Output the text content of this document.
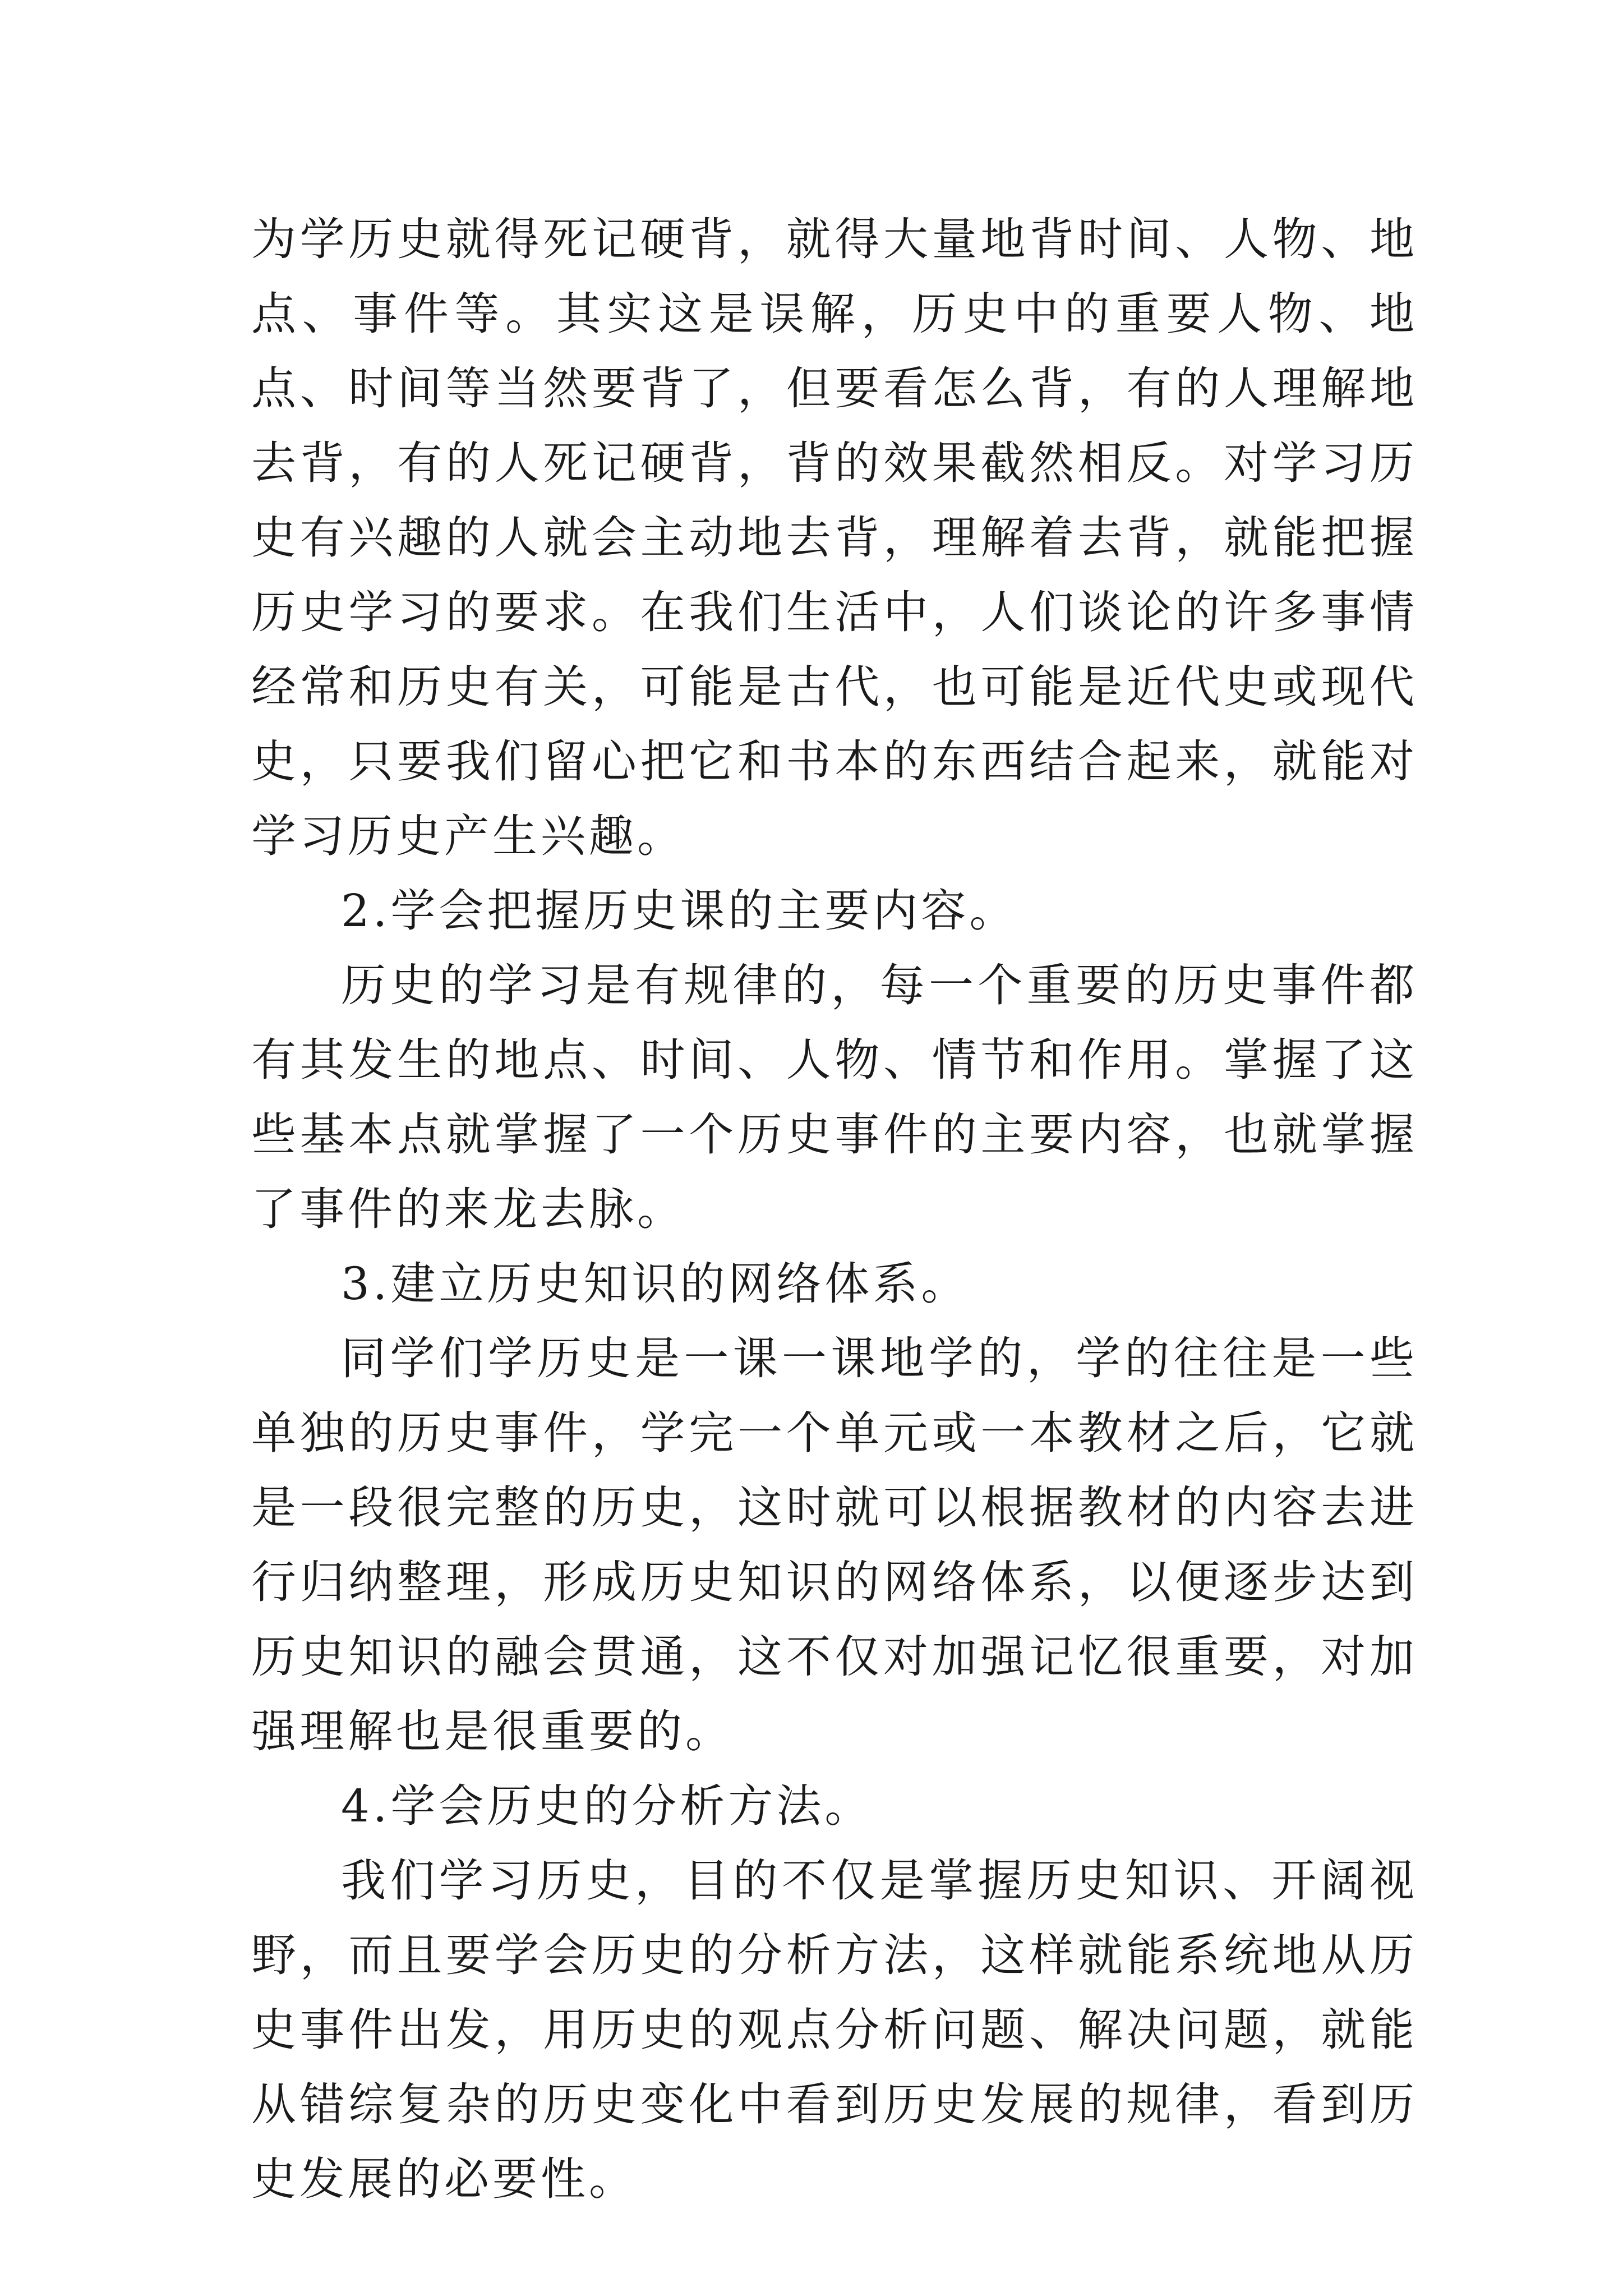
为学历史就得死记硬背，就得大量地背时间、人物、地点、事件等。其实这是误解，历史中的重要人物、地点、时间等当然要背了，但要看怎么背，有的人理解地去背，有的人死记硬背，背的效果截然相反。对学习历史有兴趣的人就会主动地去背，理解着去背，就能把握历史学习的要求。在我们生活中，人们谈论的许多事情经常和历史有关，可能是古代，也可能是近代史或现代史，只要我们留心把它和书本的东西结合起来，就能对学习历史产生兴趣。

2.学会把握历史课的主要内容。

历史的学习是有规律的，每一个重要的历史事件都有其发生的地点、时间、人物、情节和作用。掌握了这些基本点就掌握了一个历史事件的主要内容，也就掌握了事件的来龙去脉。

3.建立历史知识的网络体系。

同学们学历史是一课一课地学的，学的往往是一些单独的历史事件，学完一个单元或一本教材之后，它就是一段很完整的历史，这时就可以根据教材的内容去进行归纳整理，形成历史知识的网络体系，以便逐步达到历史知识的融会贯通，这不仅对加强记忆很重要，对加强理解也是很重要的。

4.学会历史的分析方法。

我们学习历史，目的不仅是掌握历史知识、开阔视野，而且要学会历史的分析方法，这样就能系统地从历史事件出发，用历史的观点分析问题、解决问题，就能从错综复杂的历史变化中看到历史发展的规律，看到历史发展的必要性。
